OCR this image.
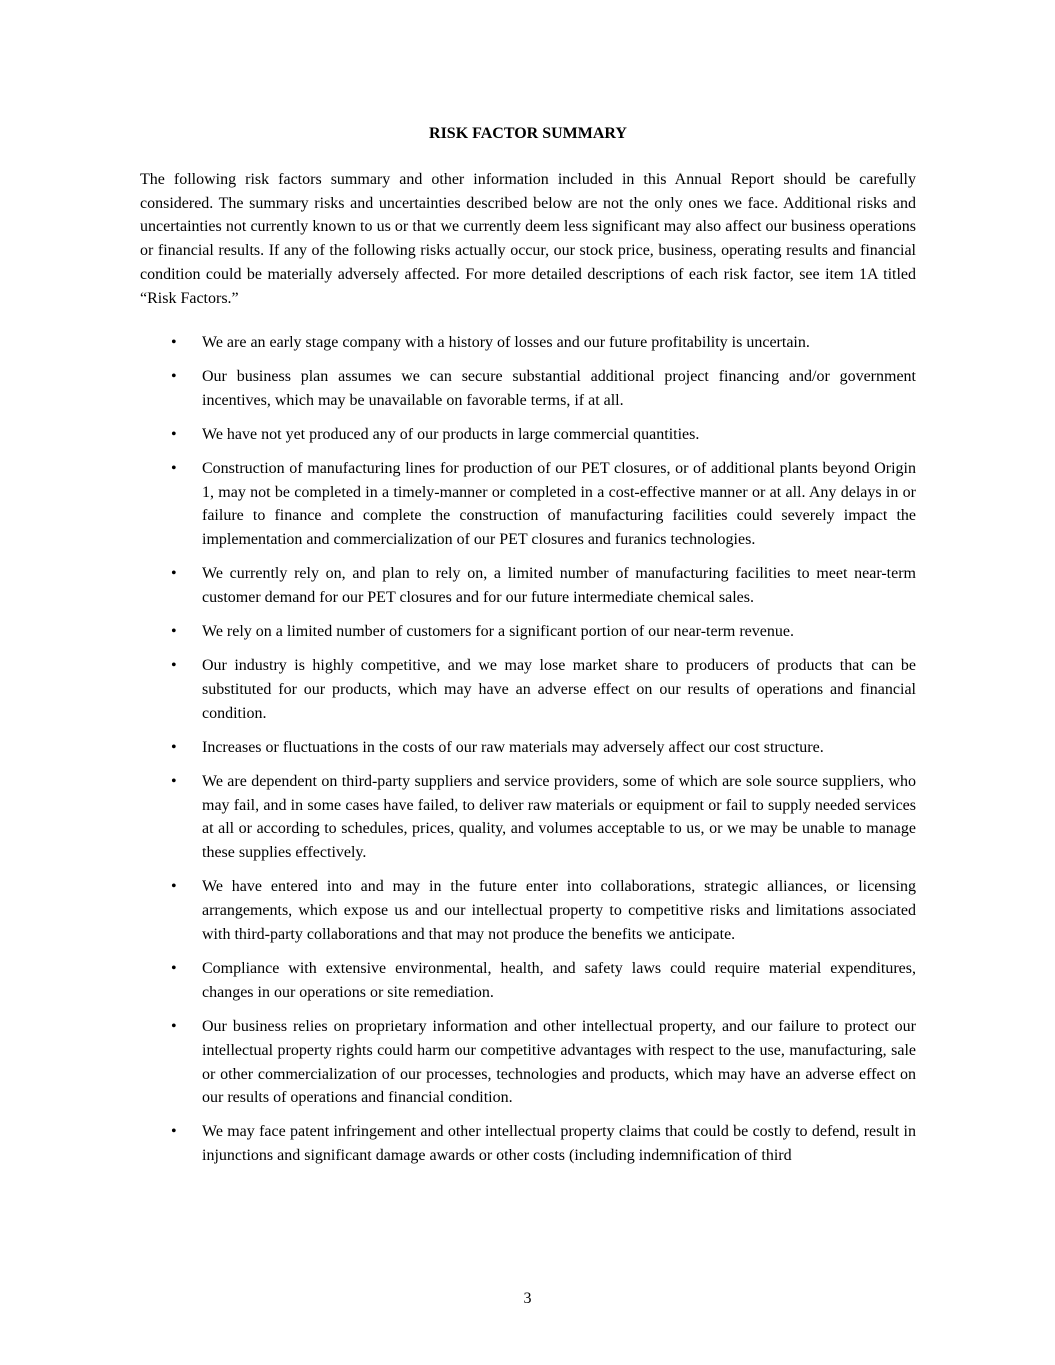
RISK FACTOR SUMMARY

The following risk factors summary and other information included in this Annual Report should be carefully considered. The summary risks and uncertainties described below are not the only ones we face. Additional risks and uncertainties not currently known to us or that we currently deem less significant may also affect our business operations or financial results. If any of the following risks actually occur, our stock price, business, operating results and financial condition could be materially adversely affected. For more detailed descriptions of each risk factor, see item 1A titled “Risk Factors.”

• We are an early stage company with a history of losses and our future profitability is uncertain.
• Our business plan assumes we can secure substantial additional project financing and/or government incentives, which may be unavailable on favorable terms, if at all.
• We have not yet produced any of our products in large commercial quantities.
• Construction of manufacturing lines for production of our PET closures, or of additional plants beyond Origin 1, may not be completed in a timely-manner or completed in a cost-effective manner or at all. Any delays in or failure to finance and complete the construction of manufacturing facilities could severely impact the implementation and commercialization of our PET closures and furanics technologies.
• We currently rely on, and plan to rely on, a limited number of manufacturing facilities to meet near-term customer demand for our PET closures and for our future intermediate chemical sales.
• We rely on a limited number of customers for a significant portion of our near-term revenue.
• Our industry is highly competitive, and we may lose market share to producers of products that can be substituted for our products, which may have an adverse effect on our results of operations and financial condition.
• Increases or fluctuations in the costs of our raw materials may adversely affect our cost structure.
• We are dependent on third-party suppliers and service providers, some of which are sole source suppliers, who may fail, and in some cases have failed, to deliver raw materials or equipment or fail to supply needed services at all or according to schedules, prices, quality, and volumes acceptable to us, or we may be unable to manage these supplies effectively.
• We have entered into and may in the future enter into collaborations, strategic alliances, or licensing arrangements, which expose us and our intellectual property to competitive risks and limitations associated with third-party collaborations and that may not produce the benefits we anticipate.
• Compliance with extensive environmental, health, and safety laws could require material expenditures, changes in our operations or site remediation.
• Our business relies on proprietary information and other intellectual property, and our failure to protect our intellectual property rights could harm our competitive advantages with respect to the use, manufacturing, sale or other commercialization of our processes, technologies and products, which may have an adverse effect on our results of operations and financial condition.
• We may face patent infringement and other intellectual property claims that could be costly to defend, result in injunctions and significant damage awards or other costs (including indemnification of third
3
